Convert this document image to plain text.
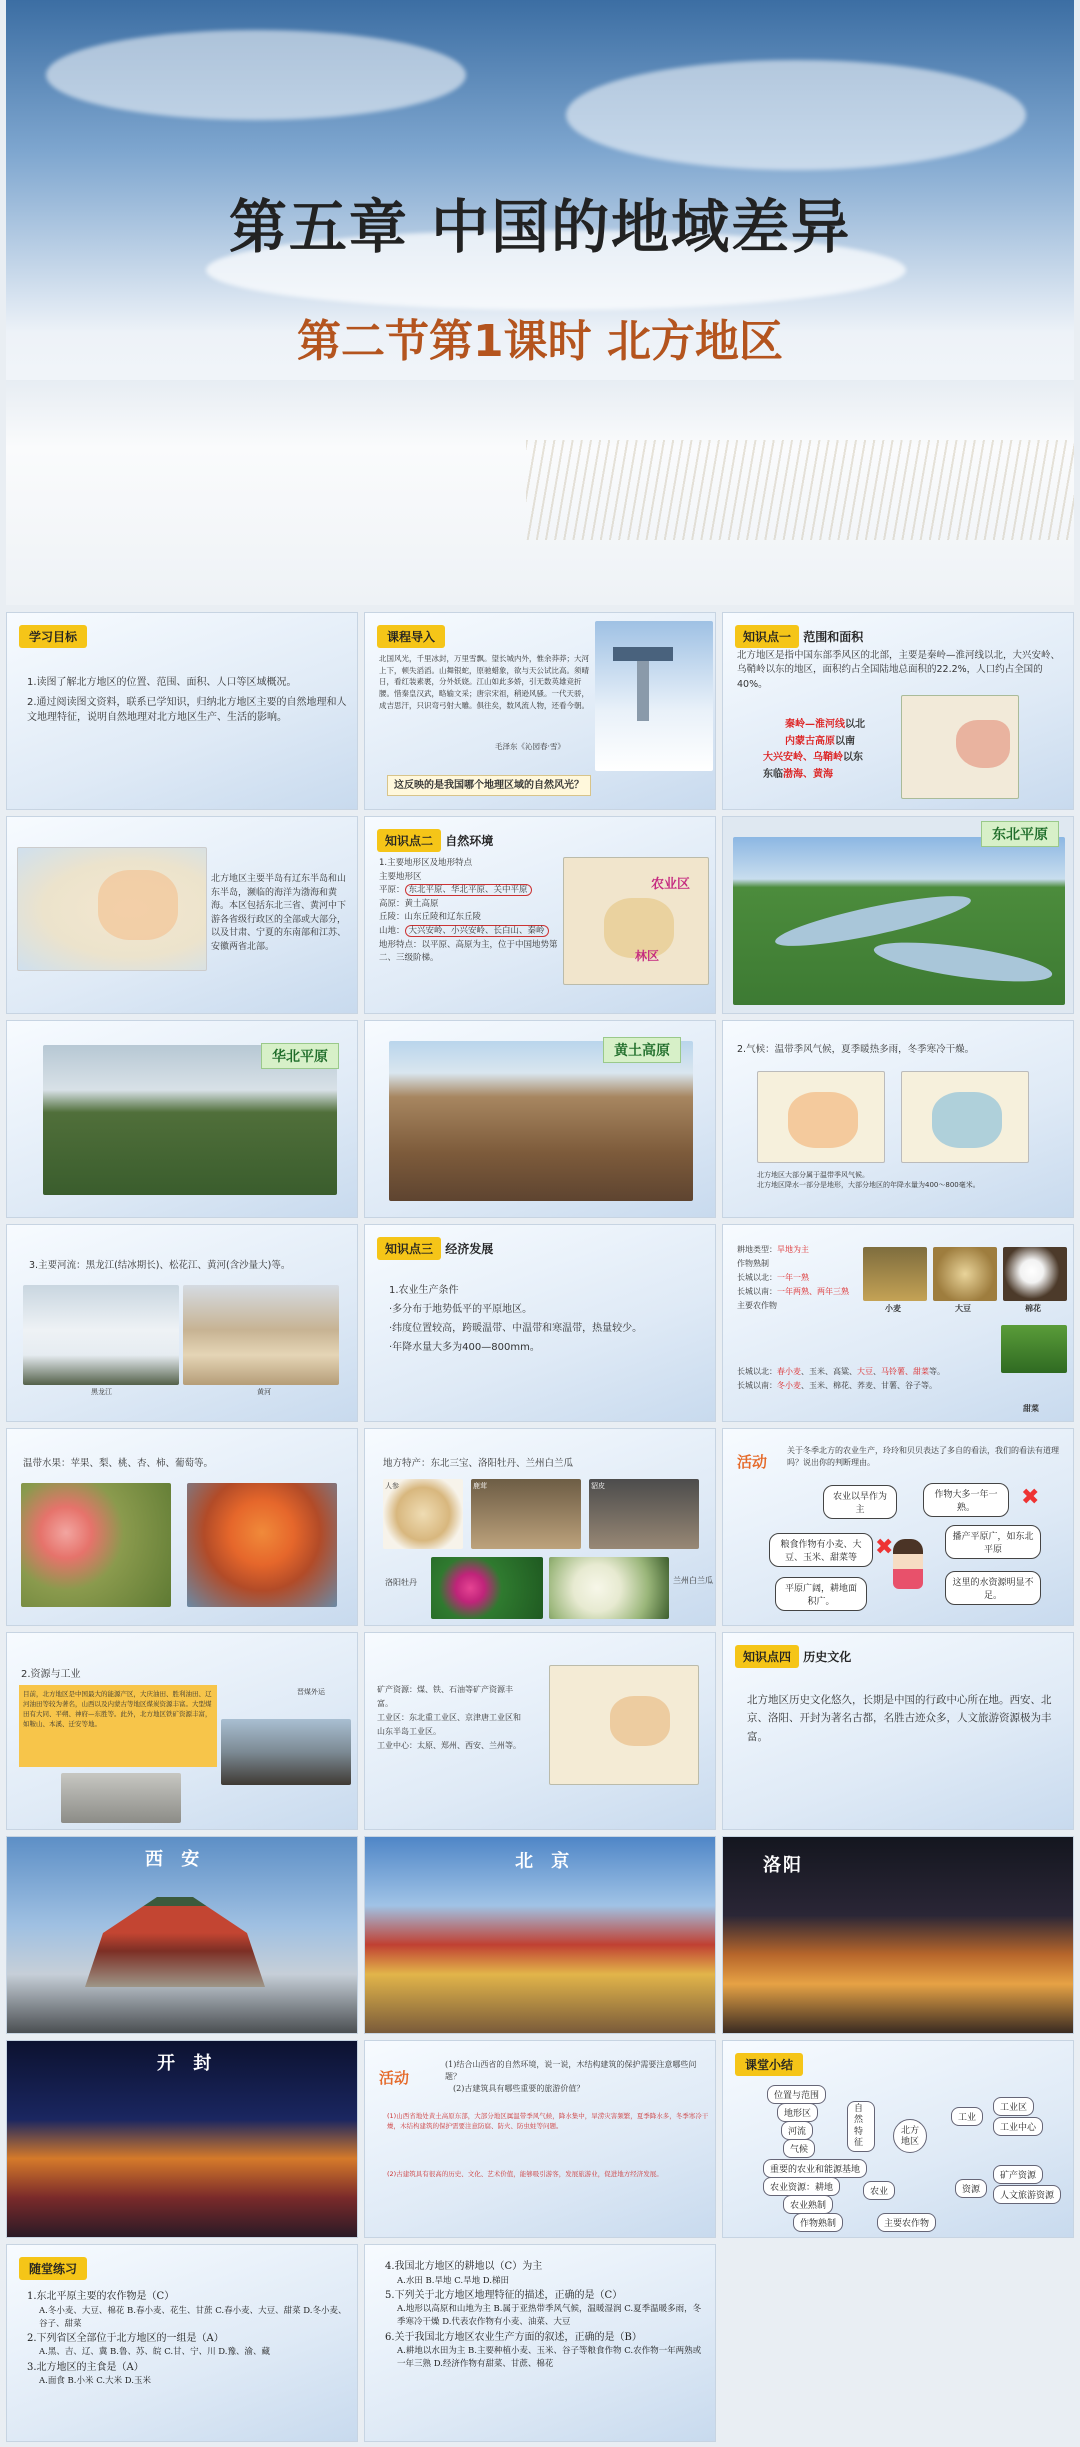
第五章 中国的地域差异
第二节第1课时 北方地区
学习目标
1.读图了解北方地区的位置、范围、面积、人口等区域概况。
2.通过阅读图文资料，联系已学知识，归纳北方地区主要的自然地理和人文地理特征，说明自然地理对北方地区生产、生活的影响。
课程导入
北国风光，千里冰封，万里雪飘。望长城内外，惟余莽莽；大河上下，顿失滔滔。山舞银蛇，原驰蜡象，欲与天公试比高。须晴日，看红装素裹，分外妖娆。江山如此多娇，引无数英雄竞折腰。惜秦皇汉武，略输文采；唐宗宋祖，稍逊风骚。一代天骄，成吉思汗，只识弯弓射大雕。俱往矣，数风流人物，还看今朝。
毛泽东《沁园春·雪》
这反映的是我国哪个地理区域的自然风光？
知识点一 范围和面积
北方地区是指中国东部季风区的北部，主要是秦岭—淮河线以北，大兴安岭、乌鞘岭以东的地区，面积约占全国陆地总面积的22.2%，人口约占全国的40%。
秦岭—淮河线以北
内蒙古高原以南
大兴安岭、乌鞘岭以东
东临渤海、黄海
北方地区主要半岛有辽东半岛和山东半岛，濒临的海洋为渤海和黄海。本区包括东北三省、黄河中下游各省级行政区的全部或大部分，以及甘肃、宁夏的东南部和江苏、安徽两省北部。
知识点二 自然环境
1.主要地形区及地形特点
主要地形区
平原： 东北平原、华北平原、关中平原
高原：黄土高原
丘陵：山东丘陵和辽东丘陵
山地： 大兴安岭、小兴安岭、长白山、秦岭
地形特点：以平原、高原为主，位于中国地势第二、三级阶梯。
农业区
林区
东北平原
华北平原	黄土高原	2.气候：温带季风气候，夏季暖热多雨，冬季寒冷干燥。
北方地区大部分属于温带季风气候。
北方地区降水一部分是地形，大部分地区的年降水量为400～800毫米。
3.主要河流：黑龙江(结冰期长)、松花江、黄河(含沙量大)等。
黑龙江	黄河
知识点三 经济发展
1.农业生产条件
·多分布于地势低平的平原地区。
·纬度位置较高，跨暖温带、中温带和寒温带，热量较少。
·年降水量大多为400—800mm。
耕地类型：旱地为主
作物熟制
长城以北：一年一熟
长城以南：一年两熟、两年三熟
主要农作物
长城以北：春小麦、玉米、高粱、大豆、马铃薯、甜菜等。
长城以南：冬小麦、玉米、棉花、荞麦、甘薯、谷子等。
小麦	大豆	棉花
甜菜
温带水果：苹果、梨、桃、杏、柿、葡萄等。	地方特产：东北三宝、洛阳牡丹、兰州白兰瓜
人参	鹿茸	貂皮
洛阳牡丹	兰州白兰瓜
活动
关于冬季北方的农业生产，玲玲和贝贝表达了多自的看法，我们的看法有道理吗？说出你的判断理由。
农业以旱作为主
作物大多一年一熟。	✖
粮食作物有小麦、大豆、玉米、甜菜等 ✖	播产平原广，如东北平原
平原广阔，耕地面积广。
这里的水资源明显不足。
2.资源与工业
目前，北方地区是中国最大的能源产区，大庆油田、胜利油田、辽河油田等较为著名，山西以及内蒙古等地区煤炭资源丰富。大型煤田有大同、平朔、神府—东胜等。此外，北方地区铁矿资源丰富，如鞍山、本溪、迁安等地。
晋煤外运	矿产资源：煤、铁、石油等矿产资源丰富。
工业区：东北重工业区、京津唐工业区和山东半岛工业区。
工业中心：太原、郑州、西安、兰州等。
知识点四 历史文化
北方地区历史文化悠久，长期是中国的行政中心所在地。西安、北京、洛阳、开封为著名古都，名胜古迹众多，人文旅游资源极为丰富。
西 安	北 京	洛阳
开 封
活动
(1)结合山西省的自然环境，说一说，木结构建筑的保护需要注意哪些问题？
(2)古建筑具有哪些重要的旅游价值？
(1)山西省地处黄土高原东部，大部分地区属温带季风气候，降水集中，旱涝灾害频繁，夏季降水多，冬季寒冷干燥，木结构建筑的保护需要注意防腐、防火、防虫蛀等问题。
(2)古建筑具有很高的历史、文化、艺术价值，能够吸引游客，发展旅游业，促进地方经济发展。
课堂小结
位置与范围
地形区
河流
自然特征
气候
北方地区
工业
工业区
工业中心
重要的农业和能源基地
农业资源：耕地
农业熟制
农业	资源
矿产资源
人文旅游资源
作物熟制	主要农作物
随堂练习
1.东北平原主要的农作物是（C）
A.冬小麦、大豆、棉花 B.春小麦、花生、甘蔗 C.春小麦、大豆、甜菜 D.冬小麦、谷子、甜菜
2.下列省区全部位于北方地区的一组是（A）
A.黑、吉、辽、冀 B.鲁、苏、皖 C.甘、宁、川 D.豫、渝、藏
3.北方地区的主食是（A）
A.面食 B.小米 C.大米 D.玉米
4.我国北方地区的耕地以（C）为主
A.水田 B.旱地 C.旱地 D.梯田
5.下列关于北方地区地理特征的描述，正确的是（C）
A.地形以高原和山地为主 B.属于亚热带季风气候，温暖湿润 C.夏季温暖多雨，冬季寒冷干燥 D.代表农作物有小麦、油菜、大豆
6.关于我国北方地区农业生产方面的叙述，正确的是（B）
A.耕地以水田为主 B.主要种植小麦、玉米、谷子等粮食作物 C.农作物一年两熟或一年三熟 D.经济作物有甜菜、甘蔗、棉花
